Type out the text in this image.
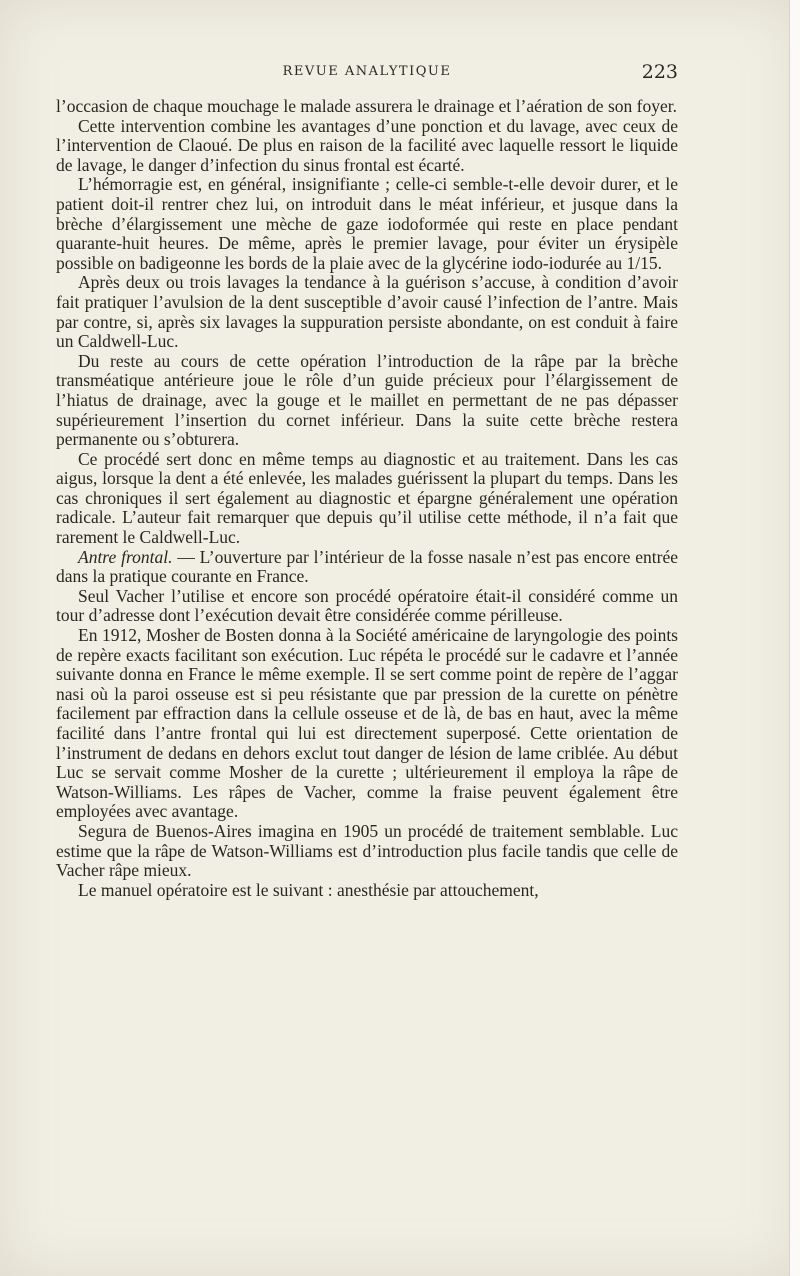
REVUE ANALYTIQUE	223

l’occasion de chaque mouchage le malade assurera le drainage et l’aération de son foyer.

Cette intervention combine les avantages d’une ponction et du lavage, avec ceux de l’intervention de Claoué. De plus en raison de la facilité avec laquelle ressort le liquide de lavage, le danger d’infection du sinus frontal est écarté.

L’hémorragie est, en général, insignifiante ; celle-ci semble-t-elle devoir durer, et le patient doit-il rentrer chez lui, on introduit dans le méat inférieur, et jusque dans la brèche d’élargissement une mèche de gaze iodoformée qui reste en place pendant quarante-huit heures. De même, après le premier lavage, pour éviter un érysipèle possible on badigeonne les bords de la plaie avec de la glycérine iodo-iodurée au 1/15.

Après deux ou trois lavages la tendance à la guérison s’accuse, à condition d’avoir fait pratiquer l’avulsion de la dent susceptible d’avoir causé l’infection de l’antre. Mais par contre, si, après six lavages la suppuration persiste abondante, on est conduit à faire un Caldwell-Luc.

Du reste au cours de cette opération l’introduction de la râpe par la brèche transméatique antérieure joue le rôle d’un guide précieux pour l’élargissement de l’hiatus de drainage, avec la gouge et le maillet en permettant de ne pas dépasser supérieurement l’insertion du cornet inférieur. Dans la suite cette brèche restera permanente ou s’obturera.

Ce procédé sert donc en même temps au diagnostic et au traitement. Dans les cas aigus, lorsque la dent a été enlevée, les malades guérissent la plupart du temps. Dans les cas chroniques il sert également au diagnostic et épargne généralement une opération radicale. L’auteur fait remarquer que depuis qu’il utilise cette méthode, il n’a fait que rarement le Caldwell-Luc.

Antre frontal. — L’ouverture par l’intérieur de la fosse nasale n’est pas encore entrée dans la pratique courante en France.

Seul Vacher l’utilise et encore son procédé opératoire était-il considéré comme un tour d’adresse dont l’exécution devait être considérée comme périlleuse.

En 1912, Mosher de Bosten donna à la Société américaine de laryngologie des points de repère exacts facilitant son exécution. Luc répéta le procédé sur le cadavre et l’année suivante donna en France le même exemple. Il se sert comme point de repère de l’aggar nasi où la paroi osseuse est si peu résistante que par pression de la curette on pénètre facilement par effraction dans la cellule osseuse et de là, de bas en haut, avec la même facilité dans l’antre frontal qui lui est directement superposé. Cette orientation de l’instrument de dedans en dehors exclut tout danger de lésion de lame criblée. Au début Luc se servait comme Mosher de la curette ; ultérieurement il employa la râpe de Watson-Williams. Les râpes de Vacher, comme la fraise peuvent également être employées avec avantage.

Segura de Buenos-Aires imagina en 1905 un procédé de traitement semblable. Luc estime que la râpe de Watson-Williams est d’introduction plus facile tandis que celle de Vacher râpe mieux.

Le manuel opératoire est le suivant : anesthésie par attouchement,
